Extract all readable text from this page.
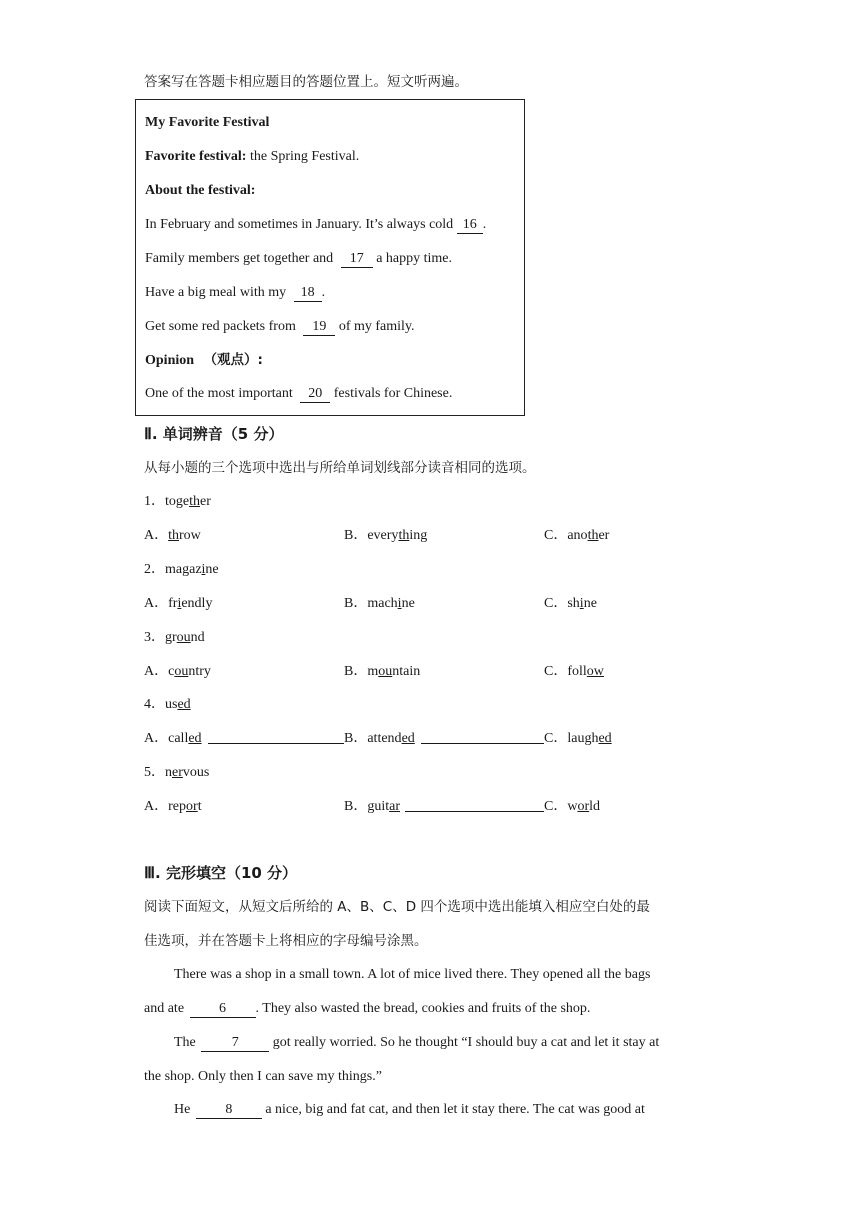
答案写在答题卡相应题目的答题位置上。短文听两遍。
My Favorite Festival
Favorite festival: the Spring Festival.
About the festival:
In February and sometimes in January. It’s always cold 16 .
Family members get together and 17 a happy time.
Have a big meal with my 18 .
Get some red packets from 19 of my family.
Opinion （观点）:
One of the most important 20 festivals for Chinese.
Ⅱ. 单词辨音（5 分）
从每小题的三个选项中选出与所给单词划线部分读音相同的选项。
1．together
A．throw	B．everything	C．another
2．magazine
A．friendly	B．machine	C．shine
3．ground
A．country	B．mountain	C．follow
4．used
A．called	B．attended	C．laughed
5．nervous
A．report	B．guitar	C．world
Ⅲ. 完形填空（10 分）
阅读下面短文，从短文后所给的 A、B、C、D 四个选项中选出能填入相应空白处的最
佳选项，并在答题卡上将相应的字母编号涂黑。
There was a shop in a small town. A lot of mice lived there. They opened all the bags
and ate 6 . They also wasted the bread, cookies and fruits of the shop.
The 7 got really worried. So he thought “I should buy a cat and let it stay at
the shop. Only then I can save my things.”
He 8 a nice, big and fat cat, and then let it stay there. The cat was good at
